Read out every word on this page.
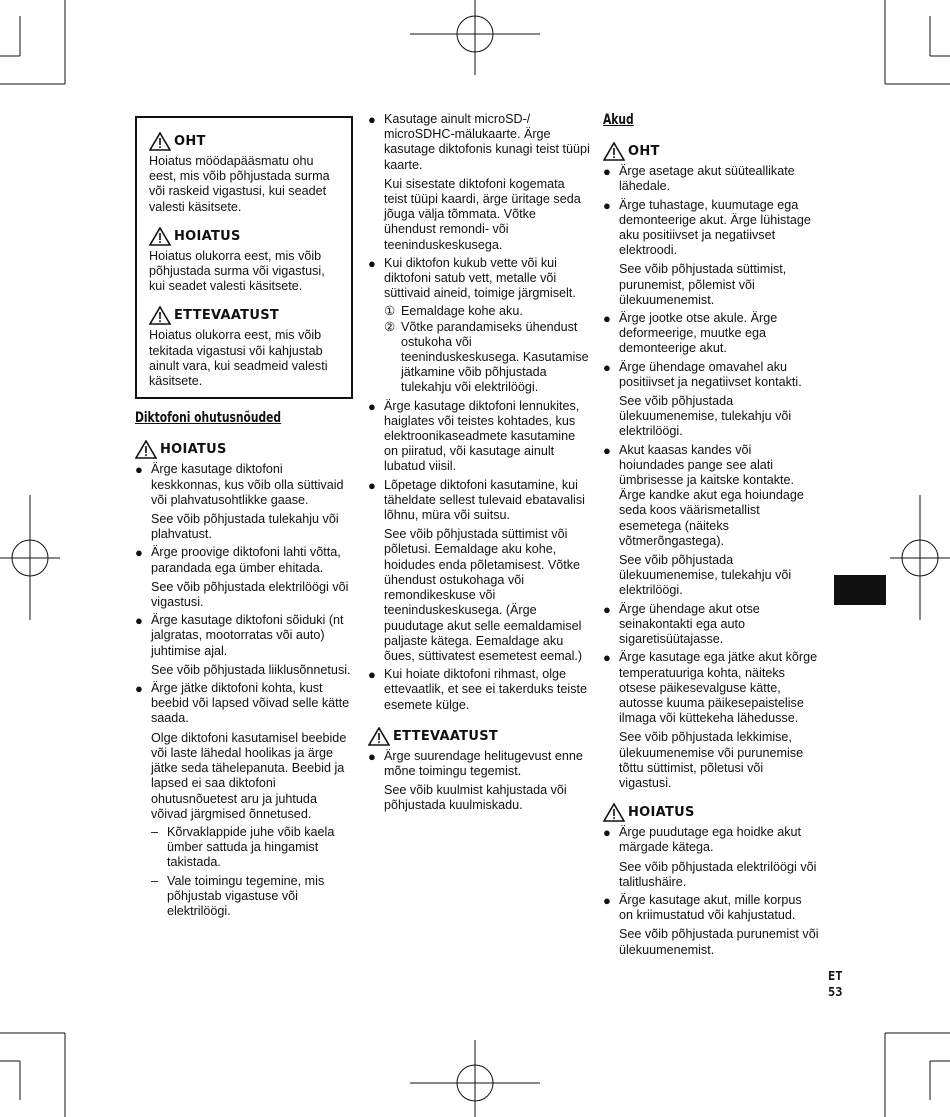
OHT
Hoiatus möödapääsmatu ohu eest, mis võib põhjustada surma või raskeid vigastusi, kui seadet valesti käsitsete.
HOIATUS
Hoiatus olukorra eest, mis võib põhjustada surma või vigastusi, kui seadet valesti käsitsete.
ETTEVAATUST
Hoiatus olukorra eest, mis võib tekitada vigastusi või kahjustab ainult vara, kui seadmeid valesti käsitsete.
Diktofoni ohutusnõuded
HOIATUS
● Ärge kasutage diktofoni keskkonnas, kus võib olla süttivaid või plahvatusohtlikke gaase.
See võib põhjustada tulekahju või plahvatust.
● Ärge proovige diktofoni lahti võtta, parandada ega ümber ehitada.
See võib põhjustada elektrilöögi või vigastusi.
● Ärge kasutage diktofoni sõiduki (nt jalgratas, mootorratas või auto) juhtimise ajal.
See võib põhjustada liiklusõnnetusi.
● Ärge jätke diktofoni kohta, kust beebid või lapsed võivad selle kätte saada.
Olge diktofoni kasutamisel beebide või laste lähedal hoolikas ja ärge jätke seda tähelepanuta. Beebid ja lapsed ei saa diktofoni ohutusnõuetest aru ja juhtuda võivad järgmised õnnetused.
– Kõrvaklappide juhe võib kaela ümber sattuda ja hingamist takistada.
– Vale toimingu tegemine, mis põhjustab vigastuse või elektrilöögi.
● Kasutage ainult microSD-/ microSDHC-mälukaarte. Ärge kasutage diktofonis kunagi teist tüüpi kaarte.
Kui sisestate diktofoni kogemata teist tüüpi kaardi, ärge üritage seda jõuga välja tõmmata. Võtke ühendust remondi- või teeninduskeskusega.
● Kui diktofon kukub vette või kui diktofoni satub vett, metalle või süttivaid aineid, toimige järgmiselt.
① Eemaldage kohe aku.
② Võtke parandamiseks ühendust ostukoha või teeninduskeskusega. Kasutamise jätkamine võib põhjustada tulekahju või elektrilöögi.
● Ärge kasutage diktofoni lennukites, haiglates või teistes kohtades, kus elektroonikaseadmete kasutamine on piiratud, või kasutage ainult lubatud viisil.
● Lõpetage diktofoni kasutamine, kui täheldate sellest tulevaid ebatavalisi lõhnu, müra või suitsu.
See võib põhjustada süttimist või põletusi. Eemaldage aku kohe, hoidudes enda põletamisest. Võtke ühendust ostukohaga või remondikeskuse või teeninduskeskusega. (Ärge puudutage akut selle eemaldamisel paljaste kätega. Eemaldage aku õues, süttivatest esemetest eemal.)
● Kui hoiate diktofoni rihmast, olge ettevaatlik, et see ei takerduks teiste esemete külge.
ETTEVAATUST
● Ärge suurendage helitugevust enne mõne toimingu tegemist.
See võib kuulmist kahjustada või põhjustada kuulmiskadu.
Akud
OHT
● Ärge asetage akut süüteallikate lähedale.
● Ärge tuhastage, kuumutage ega demonteerige akut. Ärge lühistage aku positiivset ja negatiivset elektroodi.
See võib põhjustada süttimist, purunemist, põlemist või ülekuumenemist.
● Ärge jootke otse akule. Ärge deformeerige, muutke ega demonteerige akut.
● Ärge ühendage omavahel aku positiivset ja negatiivset kontakti.
See võib põhjustada ülekuumenemise, tulekahju või elektrilöögi.
● Akut kaasas kandes või hoiundades pange see alati ümbrisesse ja kaitske kontakte. Ärge kandke akut ega hoiundage seda koos väärismetallist esemetega (näiteks võtmerõngastega).
See võib põhjustada ülekuumenemise, tulekahju või elektrilöögi.
● Ärge ühendage akut otse seinakontakti ega auto sigaretisüütajasse.
● Ärge kasutage ega jätke akut kõrge temperatuuriga kohta, näiteks otsese päikesevalguse kätte, autosse kuuma päikesepaistelise ilmaga või küttekeha lähedusse.
See võib põhjustada lekkimise, ülekuumenemise või purunemise tõttu süttimist, põletusi või vigastusi.
HOIATUS
● Ärge puudutage ega hoidke akut märgade kätega.
See võib põhjustada elektrilöögi või talitlushäire.
● Ärge kasutage akut, mille korpus on kriimustatud või kahjustatud.
See võib põhjustada purunemist või ülekuumenemist.
ET
53
